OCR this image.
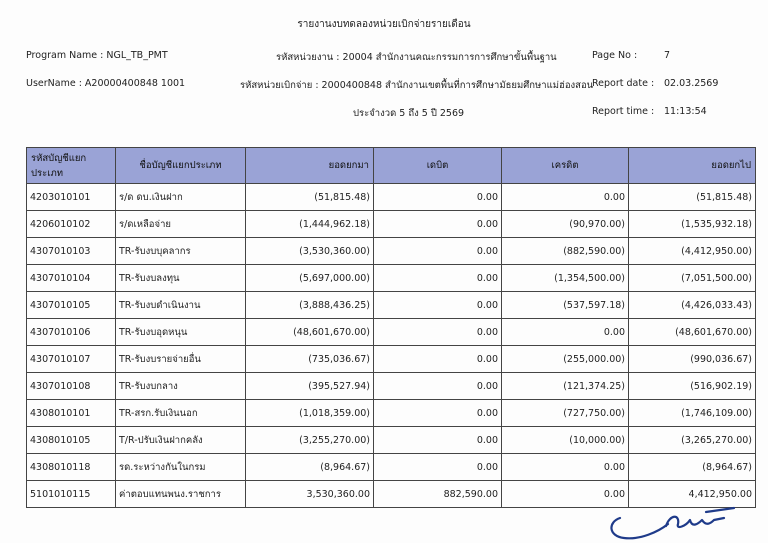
รายงานงบทดลองหน่วยเบิกจ่ายรายเดือน
Program Name : NGL_TB_PMT	รหัสหน่วยงาน : 20004 สำนักงานคณะกรรมการการศึกษาขั้นพื้นฐาน	Page No :	7
UserName : A20000400848 1001	รหัสหน่วยเบิกจ่าย : 2000400848 สำนักงานเขตพื้นที่การศึกษามัธยมศึกษาแม่ฮ่องสอน
Report date : 02.03.2569
ประจำงวด 5 ถึง 5 ปี 2569	Report time : 11:13:54
รหัสบัญชีแยกประเภท	ชื่อบัญชีแยกประเภท	ยอดยกมา	เดบิต	เครดิต	ยอดยกไป
4203010101	ร/ด ดบ.เงินฝาก	(51,815.48)	0.00	0.00	(51,815.48)
4206010102	ร/ดเหลือจ่าย	(1,444,962.18)	0.00	(90,970.00)	(1,535,932.18)
4307010103	TR-รับงบบุคลากร	(3,530,360.00)	0.00	(882,590.00)	(4,412,950.00)
4307010104	TR-รับงบลงทุน	(5,697,000.00)	0.00	(1,354,500.00)	(7,051,500.00)
4307010105	TR-รับงบดำเนินงาน	(3,888,436.25)	0.00	(537,597.18)	(4,426,033.43)
4307010106	TR-รับงบอุดหนุน	(48,601,670.00)	0.00	0.00	(48,601,670.00)
4307010107	TR-รับงบรายจ่ายอื่น	(735,036.67)	0.00	(255,000.00)	(990,036.67)
4307010108	TR-รับงบกลาง	(395,527.94)	0.00	(121,374.25)	(516,902.19)
4308010101	TR-สรก.รับเงินนอก	(1,018,359.00)	0.00	(727,750.00)	(1,746,109.00)
4308010105	T/R-ปรับเงินฝากคลัง	(3,255,270.00)	0.00	(10,000.00)	(3,265,270.00)
4308010118	รด.ระหว่างกันในกรม	(8,964.67)	0.00	0.00	(8,964.67)
5101010115	ค่าตอบแทนพนง.ราชการ	3,530,360.00	882,590.00	0.00	4,412,950.00
